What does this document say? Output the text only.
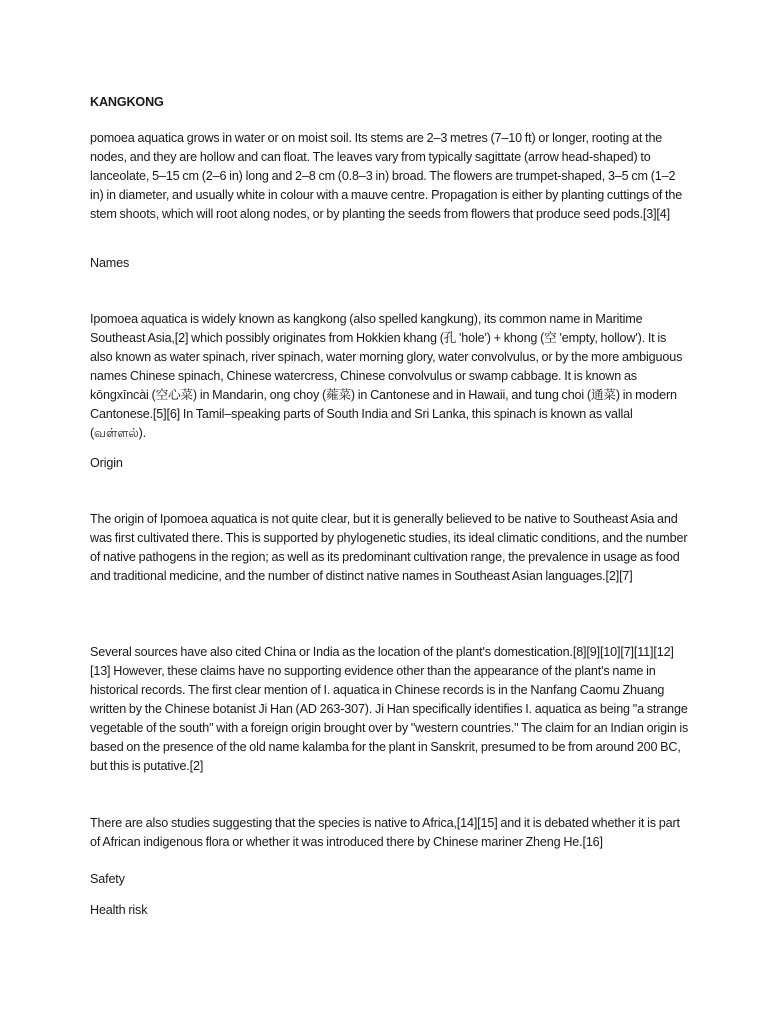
KANGKONG

pomoea aquatica grows in water or on moist soil. Its stems are 2–3 metres (7–10 ft) or longer, rooting at the nodes, and they are hollow and can float. The leaves vary from typically sagittate (arrow head-shaped) to lanceolate, 5–15 cm (2–6 in) long and 2–8 cm (0.8–3 in) broad. The flowers are trumpet-shaped, 3–5 cm (1–2 in) in diameter, and usually white in colour with a mauve centre. Propagation is either by planting cuttings of the stem shoots, which will root along nodes, or by planting the seeds from flowers that produce seed pods.[3][4]

Names

Ipomoea aquatica is widely known as kangkong (also spelled kangkung), its common name in Maritime Southeast Asia,[2] which possibly originates from Hokkien khang (孔 'hole') + khong (空 'empty, hollow'). It is also known as water spinach, river spinach, water morning glory, water convolvulus, or by the more ambiguous names Chinese spinach, Chinese watercress, Chinese convolvulus or swamp cabbage. It is known as kōngxīncài (空心菜) in Mandarin, ong choy (蕹菜) in Cantonese and in Hawaii, and tung choi (通菜) in modern Cantonese.[5][6] In Tamil–speaking parts of South India and Sri Lanka, this spinach is known as vallal (வள்ளல்).

Origin

The origin of Ipomoea aquatica is not quite clear, but it is generally believed to be native to Southeast Asia and was first cultivated there. This is supported by phylogenetic studies, its ideal climatic conditions, and the number of native pathogens in the region; as well as its predominant cultivation range, the prevalence in usage as food and traditional medicine, and the number of distinct native names in Southeast Asian languages.[2][7]

Several sources have also cited China or India as the location of the plant's domestication.[8][9][10][7][11][12][13] However, these claims have no supporting evidence other than the appearance of the plant's name in historical records. The first clear mention of I. aquatica in Chinese records is in the Nanfang Caomu Zhuang written by the Chinese botanist Ji Han (AD 263-307). Ji Han specifically identifies I. aquatica as being "a strange vegetable of the south" with a foreign origin brought over by "western countries." The claim for an Indian origin is based on the presence of the old name kalamba for the plant in Sanskrit, presumed to be from around 200 BC, but this is putative.[2]

There are also studies suggesting that the species is native to Africa,[14][15] and it is debated whether it is part of African indigenous flora or whether it was introduced there by Chinese mariner Zheng He.[16]

Safety
Health risk
